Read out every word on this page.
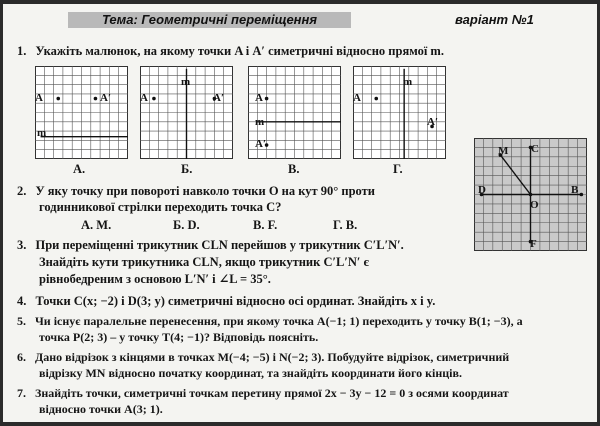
Тема: Геометричні переміщення	варіант №1
1. Укажіть малюнок, на якому точки A і A′ симетричні відносно прямої m.
A	A′
m
A	A′
m
A
A′
m
A
A′
m
А.	Б.	В.	Г.
M C
D	B
O
F
2. У яку точку при повороті навколо точки O на кут 90° проти
годинникової стрілки переходить точка C?
А. M.	Б. D.	В. F.	Г. B.
3. При переміщенні трикутник CLN перейшов у трикутник C′L′N′.
Знайдіть кути трикутника CLN, якщо трикутник C′L′N′ є
рівнобедреним з основою L′N′ і ∠L = 35°.
4. Точки C(x; −2) і D(3; y) симетричні відносно осі ординат. Знайдіть x і y.
5. Чи існує паралельне перенесення, при якому точка A(−1; 1) переходить у точку B(1; −3), а
точка P(2; 3) – у точку T(4; −1)? Відповідь поясніть.
6. Дано відрізок з кінцями в точках M(−4; −5) і N(−2; 3). Побудуйте відрізок, симетричний
відрізку MN відносно початку координат, та знайдіть координати його кінців.
7. Знайдіть точки, симетричні точкам перетину прямої 2x − 3y − 12 = 0 з осями координат
відносно точки A(3; 1).
